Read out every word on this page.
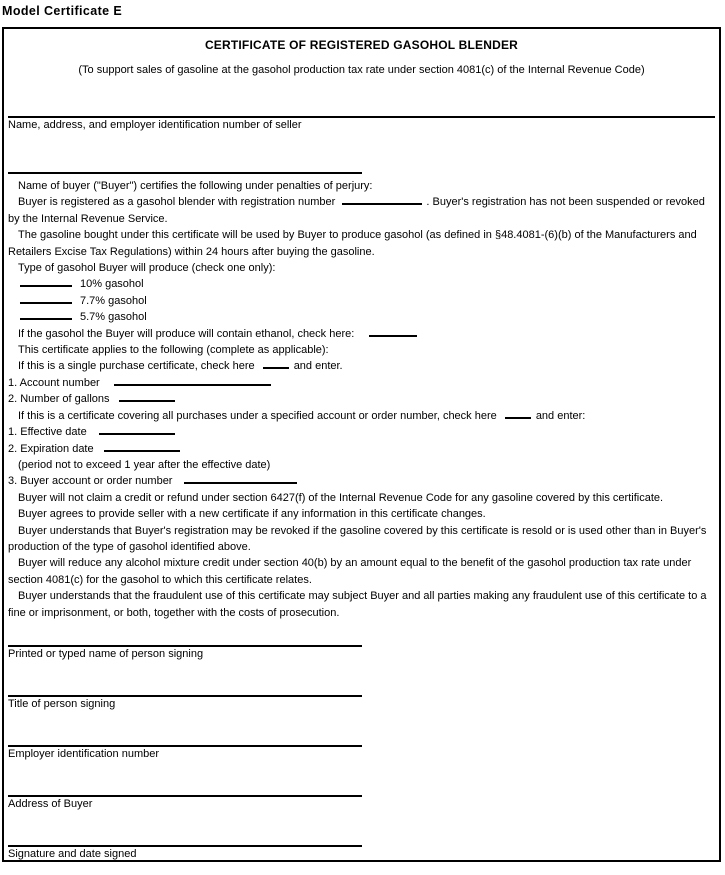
Model Certificate E
CERTIFICATE OF REGISTERED GASOHOL BLENDER
(To support sales of gasoline at the gasohol production tax rate under section 4081(c) of the Internal Revenue Code)
Name, address, and employer identification number of seller

Name of buyer ("Buyer") certifies the following under penalties of perjury:

Buyer is registered as a gasohol blender with registration number	. Buyer's registration has not been suspended or revoked by the Internal Revenue Service.

The gasoline bought under this certificate will be used by Buyer to produce gasohol (as defined in §48.4081-(6)(b) of the Manufacturers and Retailers Excise Tax Regulations) within 24 hours after buying the gasoline.

Type of gasohol Buyer will produce (check one only):

10% gasohol

7.7% gasohol

5.7% gasohol

If the gasohol the Buyer will produce will contain ethanol, check here:

This certificate applies to the following (complete as applicable):

If this is a single purchase certificate, check here	and enter.

1. Account number

2. Number of gallons

If this is a certificate covering all purchases under a specified account or order number, check here	and enter:

1. Effective date

2. Expiration date

(period not to exceed 1 year after the effective date)

3. Buyer account or order number

Buyer will not claim a credit or refund under section 6427(f) of the Internal Revenue Code for any gasoline covered by this certificate.

Buyer agrees to provide seller with a new certificate if any information in this certificate changes.

Buyer understands that Buyer's registration may be revoked if the gasoline covered by this certificate is resold or is used other than in Buyer's production of the type of gasohol identified above.

Buyer will reduce any alcohol mixture credit under section 40(b) by an amount equal to the benefit of the gasohol production tax rate under section 4081(c) for the gasohol to which this certificate relates.

Buyer understands that the fraudulent use of this certificate may subject Buyer and all parties making any fraudulent use of this certificate to a fine or imprisonment, or both, together with the costs of prosecution.

Printed or typed name of person signing
Title of person signing
Employer identification number
Address of Buyer
Signature and date signed
